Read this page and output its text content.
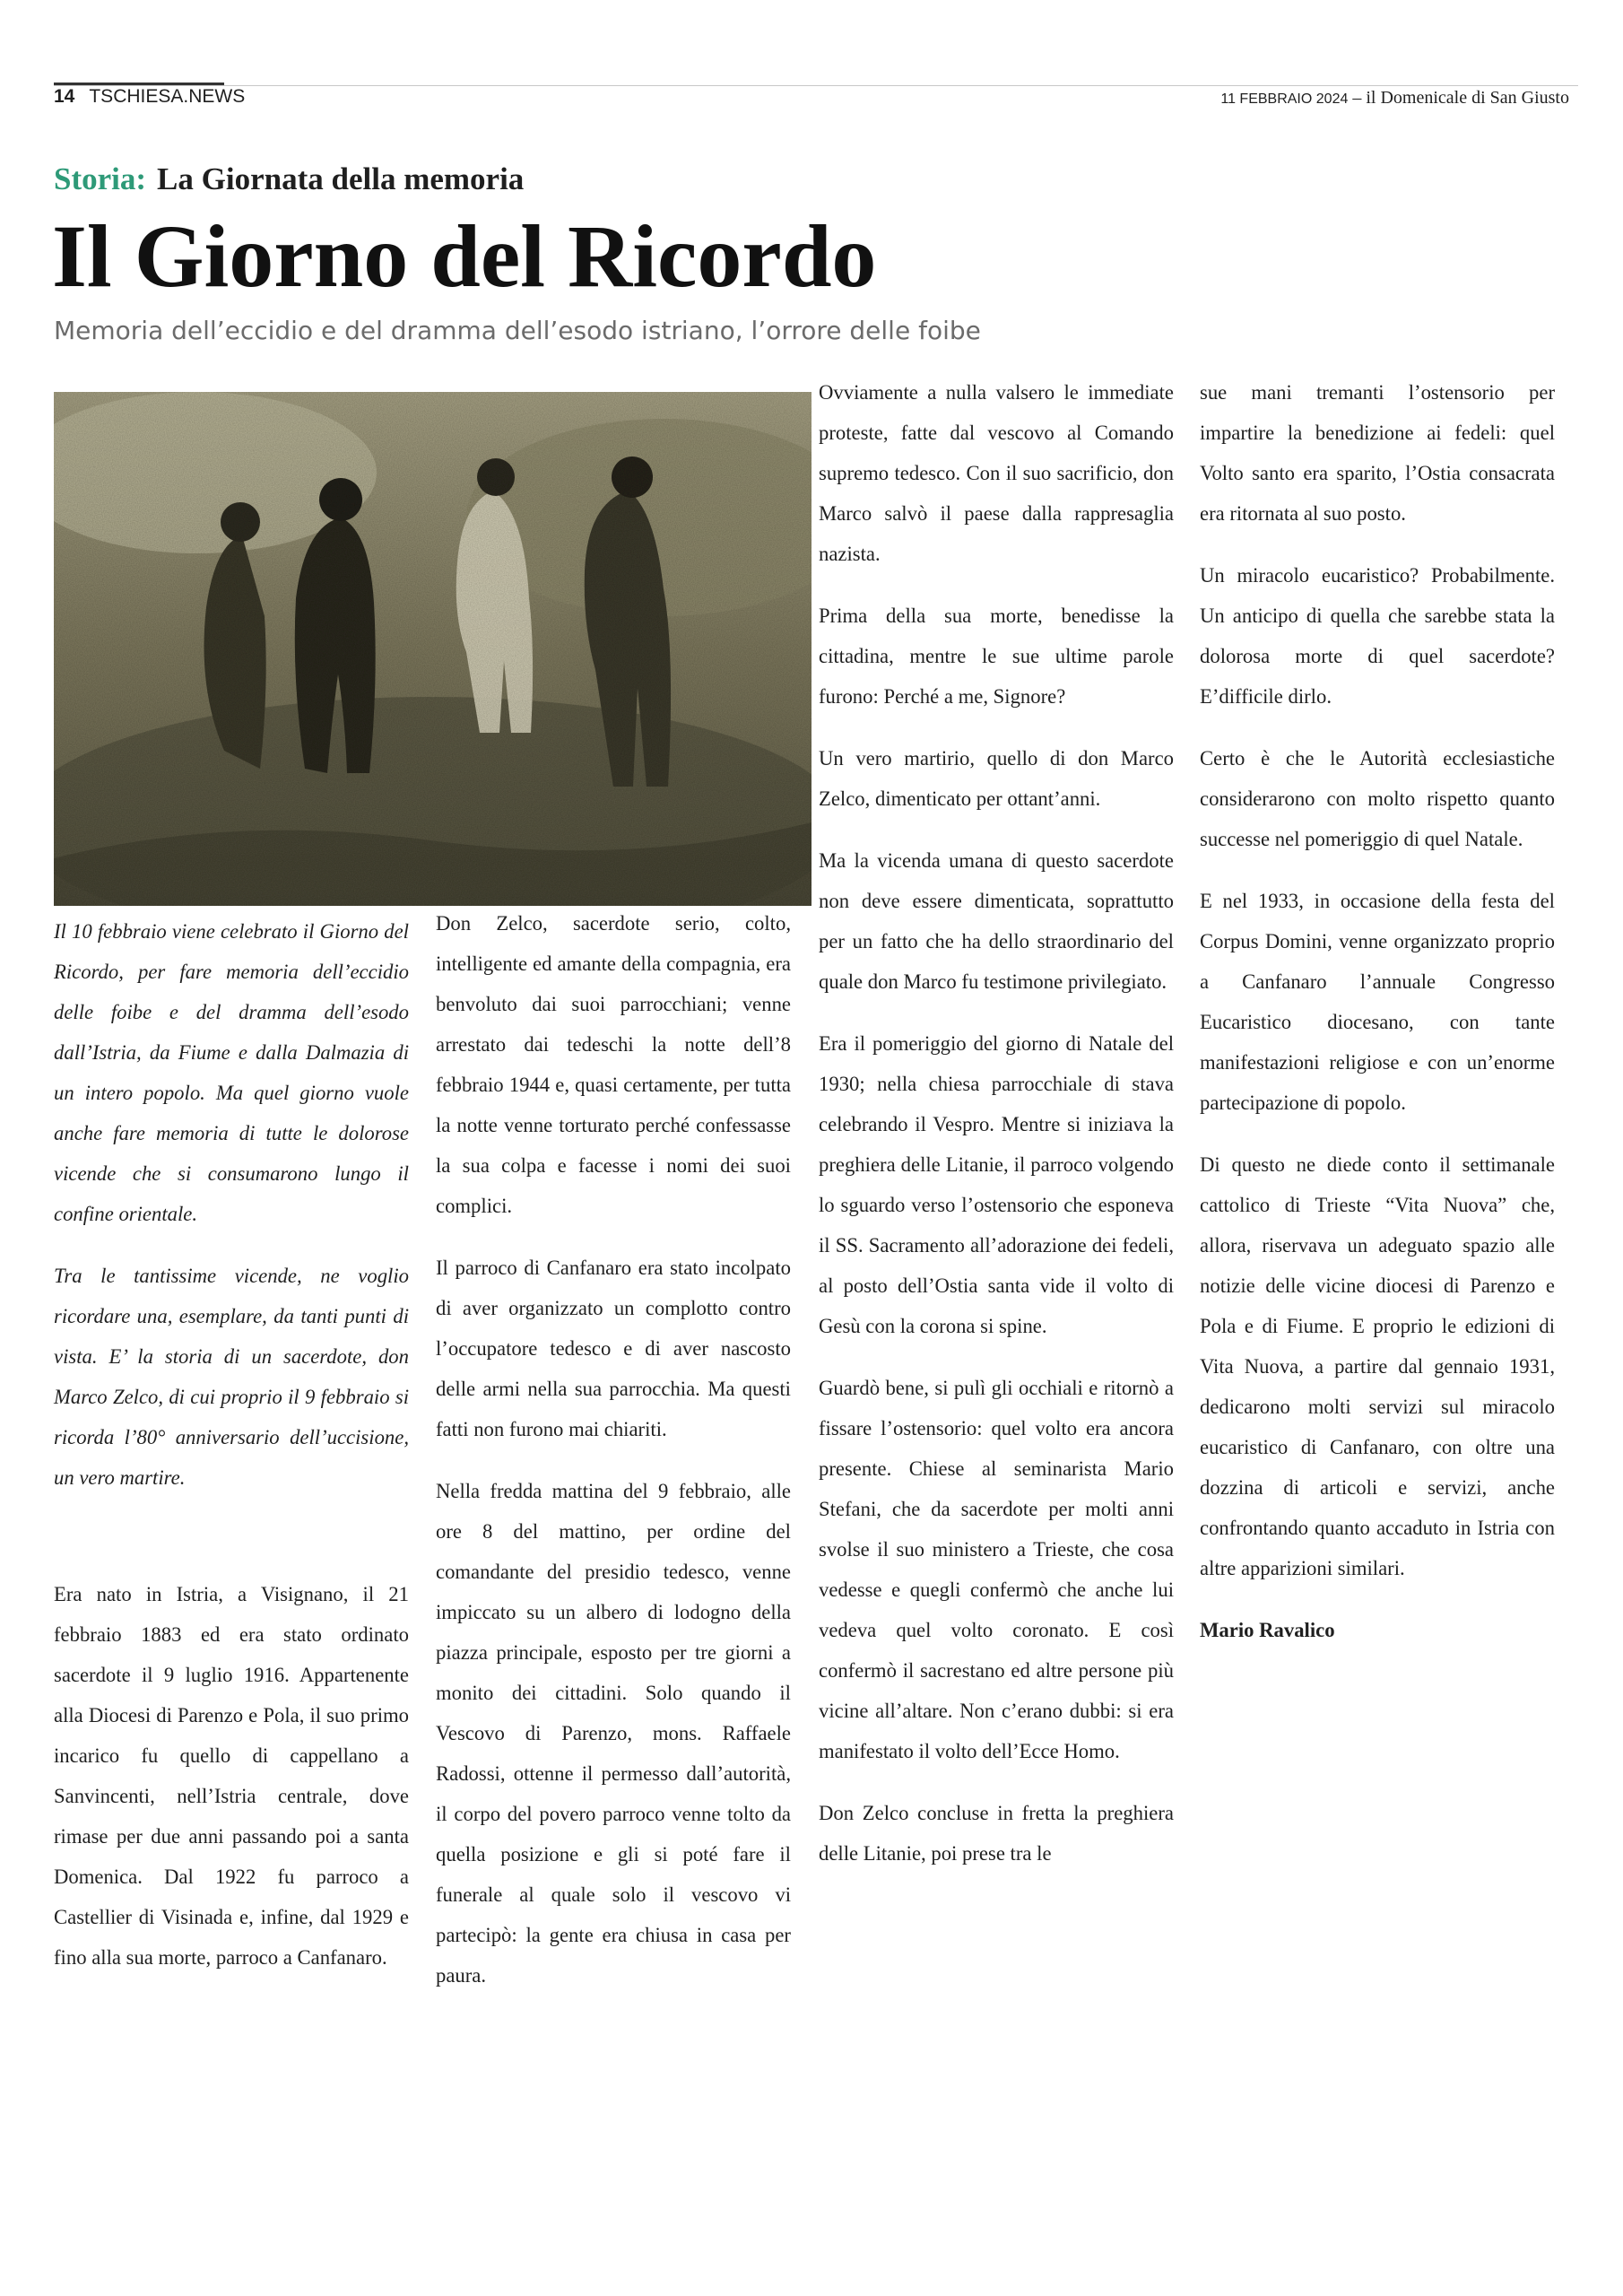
14 TSCHIESA.NEWS	11 FEBBRAIO 2024 – il Domenicale di San Giusto
Storia: La Giornata della memoria
Il Giorno del Ricordo
Memoria dell’eccidio e del dramma dell’esodo istriano, l’orrore delle foibe

Il 10 febbraio viene celebrato il Giorno del Ricordo, per fare memoria dell’eccidio delle foibe e del dramma dell’esodo dall’Istria, da Fiume e dalla Dalmazia di un intero popolo. Ma quel giorno vuole anche fare memoria di tutte le dolorose vicende che si consumarono lungo il confine orientale.

Tra le tantissime vicende, ne voglio ricordare una, esemplare, da tanti punti di vista. E’ la storia di un sacerdote, don Marco Zelco, di cui proprio il 9 febbraio si ricorda l’80° anniversario dell’uccisione, un vero martire.

Era nato in Istria, a Visignano, il 21 febbraio 1883 ed era stato ordinato sacerdote il 9 luglio 1916. Appartenente alla Diocesi di Parenzo e Pola, il suo primo incarico fu quello di cappellano a Sanvincenti, nell’Istria centrale, dove rimase per due anni passando poi a santa Domenica. Dal 1922 fu parroco a Castellier di Visinada e, infine, dal 1929 e fino alla sua morte, parroco a Canfanaro.

Don Zelco, sacerdote serio, colto, intelligente ed amante della compagnia, era benvoluto dai suoi parrocchiani; venne arrestato dai tedeschi la notte dell’8 febbraio 1944 e, quasi certamente, per tutta la notte venne torturato perché confessasse la sua colpa e facesse i nomi dei suoi complici.

Il parroco di Canfanaro era stato incolpato di aver organizzato un complotto contro l’occupatore tedesco e di aver nascosto delle armi nella sua parrocchia. Ma questi fatti non furono mai chiariti.

Nella fredda mattina del 9 febbraio, alle ore 8 del mattino, per ordine del comandante del presidio tedesco, venne impiccato su un albero di lodogno della piazza principale, esposto per tre giorni a monito dei cittadini. Solo quando il Vescovo di Parenzo, mons. Raffaele Radossi, ottenne il permesso dall’autorità, il corpo del povero parroco venne tolto da quella posizione e gli si poté fare il funerale al quale solo il vescovo vi partecipò: la gente era chiusa in casa per paura.

Ovviamente a nulla valsero le immediate proteste, fatte dal vescovo al Comando supremo tedesco. Con il suo sacrificio, don Marco salvò il paese dalla rappresaglia nazista.

Prima della sua morte, benedisse la cittadina, mentre le sue ultime parole furono: Perché a me, Signore?

Un vero martirio, quello di don Marco Zelco, dimenticato per ottant’anni.

Ma la vicenda umana di questo sacerdote non deve essere dimenticata, soprattutto per un fatto che ha dello straordinario del quale don Marco fu testimone privilegiato.

Era il pomeriggio del giorno di Natale del 1930; nella chiesa parrocchiale di stava celebrando il Vespro. Mentre si iniziava la preghiera delle Litanie, il parroco volgendo lo sguardo verso l’ostensorio che esponeva il SS. Sacramento all’adorazione dei fedeli, al posto dell’Ostia santa vide il volto di Gesù con la corona si spine.

Guardò bene, si pulì gli occhiali e ritornò a fissare l’ostensorio: quel volto era ancora presente. Chiese al seminarista Mario Stefani, che da sacerdote per molti anni svolse il suo ministero a Trieste, che cosa vedesse e quegli confermò che anche lui vedeva quel volto coronato. E così confermò il sacrestano ed altre persone più vicine all’altare. Non c’erano dubbi: si era manifestato il volto dell’Ecce Homo.

Don Zelco concluse in fretta la preghiera delle Litanie, poi prese tra le

sue mani tremanti l’ostensorio per impartire la benedizione ai fedeli: quel Volto santo era sparito, l’Ostia consacrata era ritornata al suo posto.

Un miracolo eucaristico? Probabilmente. Un anticipo di quella che sarebbe stata la dolorosa morte di quel sacerdote? E’difficile dirlo.

Certo è che le Autorità ecclesiastiche considerarono con molto rispetto quanto successe nel pomeriggio di quel Natale.

E nel 1933, in occasione della festa del Corpus Domini, venne organizzato proprio a Canfanaro l’annuale Congresso Eucaristico diocesano, con tante manifestazioni religiose e con un’enorme partecipazione di popolo.

Di questo ne diede conto il settimanale cattolico di Trieste “Vita Nuova” che, allora, riservava un adeguato spazio alle notizie delle vicine diocesi di Parenzo e Pola e di Fiume. E proprio le edizioni di Vita Nuova, a partire dal gennaio 1931, dedicarono molti servizi sul miracolo eucaristico di Canfanaro, con oltre una dozzina di articoli e servizi, anche confrontando quanto accaduto in Istria con altre apparizioni similari.

Mario Ravalico
